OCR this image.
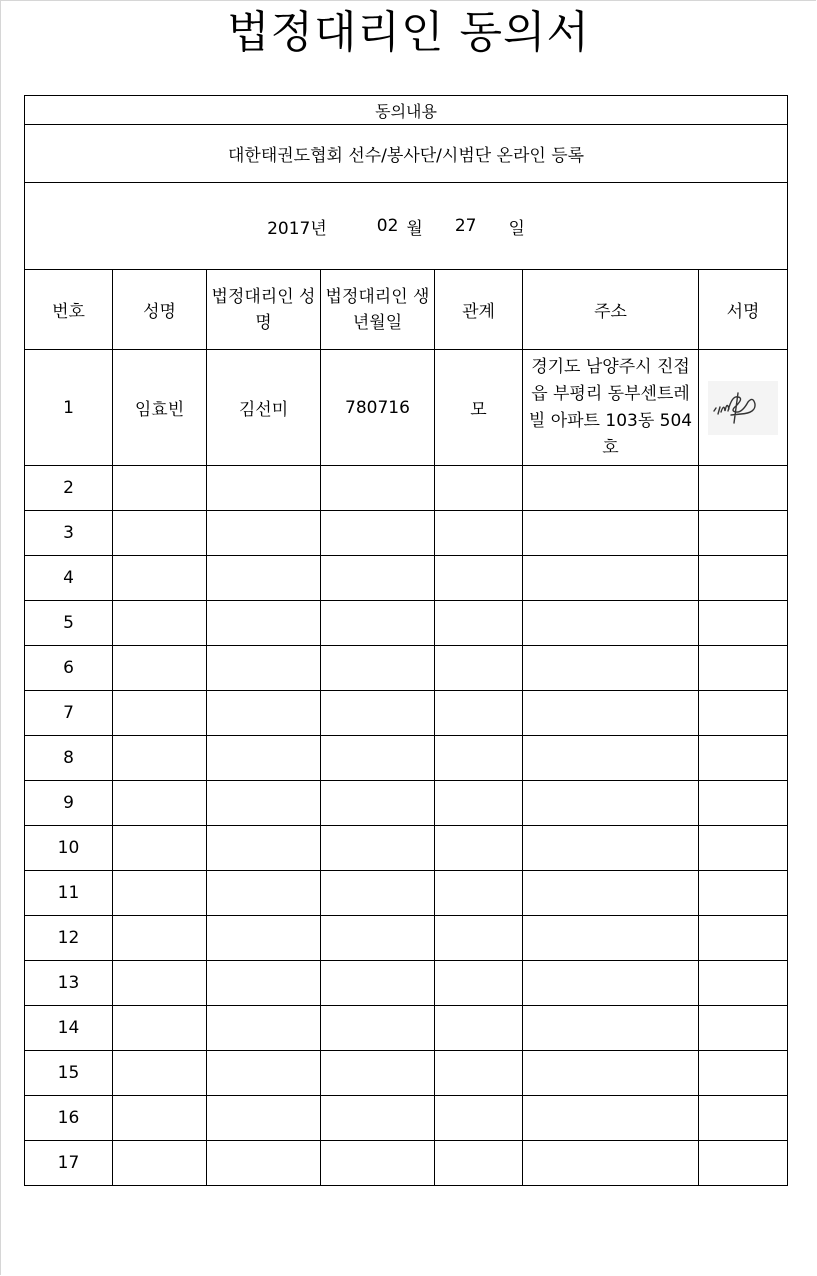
법정대리인 동의서
동의내용						
대한태권도협회 선수/봉사단/시범단 온라인 등록						

2017년 02 월 27 일						

번호	성명	법정대리인 성명	법정대리인 생년월일	관계	주소	서명
1	임효빈	김선미	780716	모	경기도 남양주시 진접읍 부평리 동부센트레빌 아파트 103동 504호	

2						
3						
4						
5						
6						
7						
8						
9						
10						
11						
12						
13						
14						
15						
16						
17						
